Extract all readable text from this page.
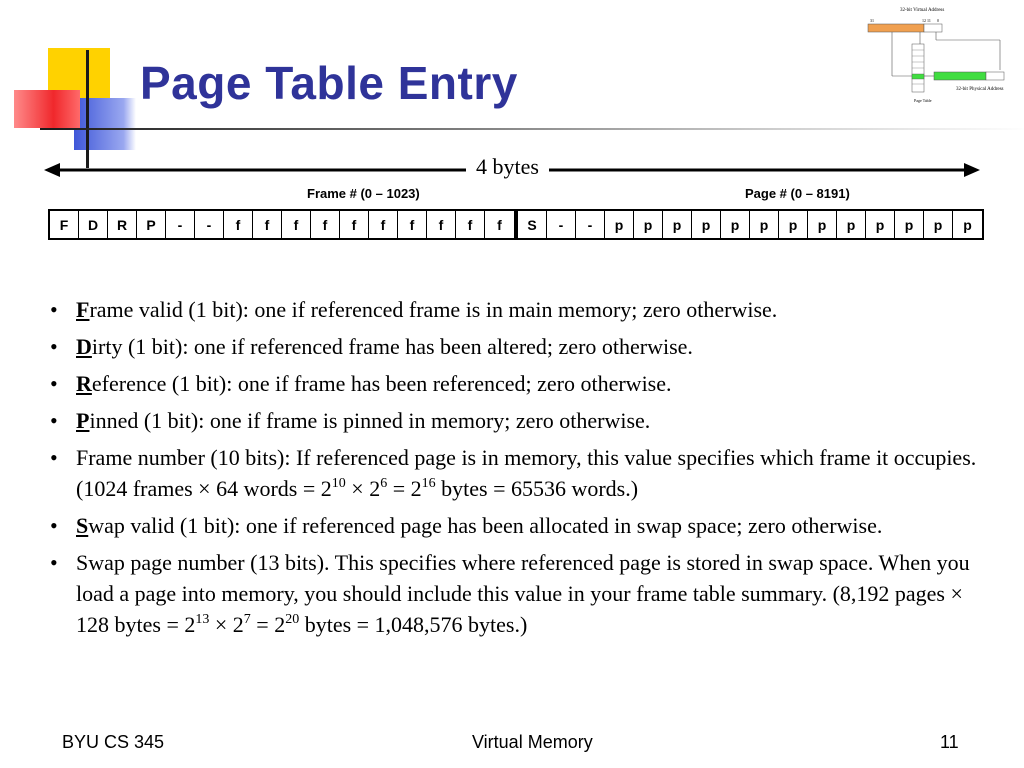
Page Table Entry
32-bit Virtual Address
31	12 11 0
32-bit Physical Address
Page Table
4 bytes
Frame # (0 – 1023)	Page # (0 – 8191)
F	D	R	P	-	-	f	f	f	f	f	f	f	f	f	f	S	-	-	p	p	p	p	p	p	p	p	p	p	p	p	p
• Frame valid (1 bit): one if referenced frame is in main memory; zero otherwise.
• Dirty (1 bit): one if referenced frame has been altered; zero otherwise.
• Reference (1 bit): one if frame has been referenced; zero otherwise.
• Pinned (1 bit): one if frame is pinned in memory; zero otherwise.
• Frame number (10 bits): If referenced page is in memory, this value specifies which frame it occupies. (1024 frames × 64 words = $2^{10} \times 2^6 = 2^{16}$ bytes = 65536 words.)
• Swap valid (1 bit): one if referenced page has been allocated in swap space; zero otherwise.
• Swap page number (13 bits). This specifies where referenced page is stored in swap space. When you load a page into memory, you should include this value in your frame table summary. (8,192 pages × 128 bytes = $2^{13} \times 2^7 = 2^{20}$ bytes = 1,048,576 bytes.)
BYU CS 345	Virtual Memory	11
